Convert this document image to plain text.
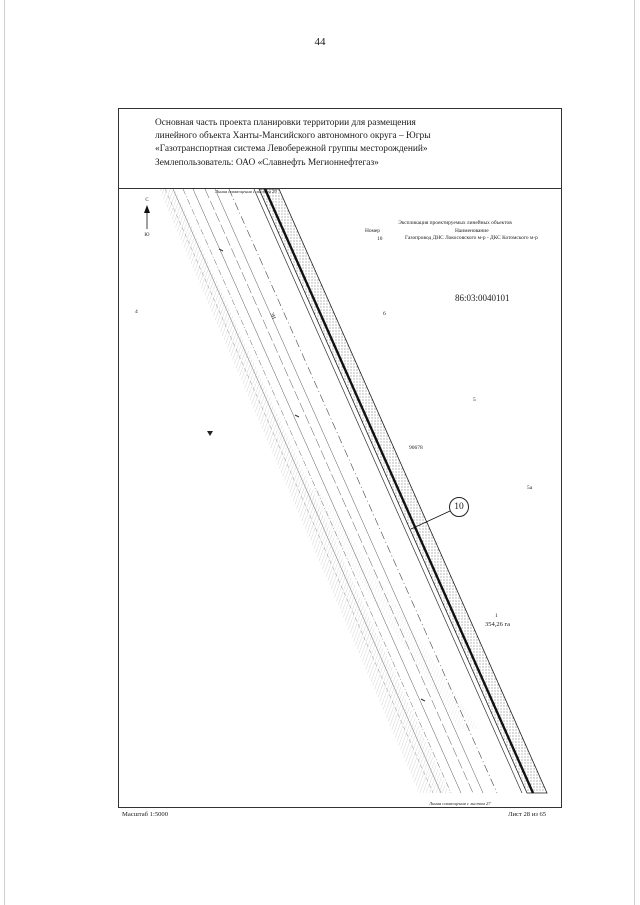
44
Основная часть проекта планировки территории для размещения
линейного объекта Ханты-Мансийского автономного округа – Югры
«Газотранспортная система Левобережной группы месторождений»
Землепользователь: ОАО «Славнефть Мегионнефтегаз»
Линия совмещения с листом 29
Линия совмещения с листом 27
С
Ю
Экспликация проектируемых линейных объектов
Номер	Наименование
10	Газопровод ДНС Локосовского м-р - ДКС Котомского м-р
86:03:0040101
4	3Н	6
5
90678
5а
1
354,26 га
10
Масштаб 1:5000	Лист 28 из 65
